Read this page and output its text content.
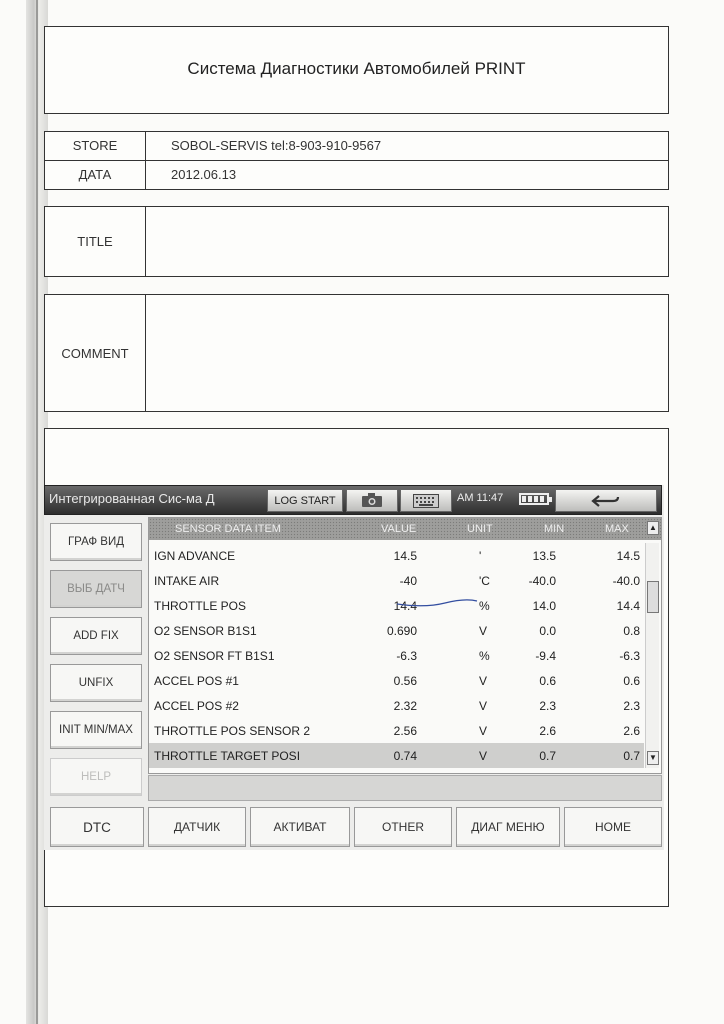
Система Диагностики Автомобилей PRINT
STORE	SOBOL-SERVIS tel:8-903-910-9567
ДАТА	2012.06.13
TITLE
COMMENT
Интегрированная Сис-ма Д	LOG START	AM 11:47
ГРАФ ВИД
ВЫБ ДАТЧ
ADD FIX
UNFIX
INIT MIN/MAX
HELP
SENSOR DATA ITEM	VALUE	UNIT	MIN	MAX
IGN ADVANCE	14.5	'	13.5	14.5
INTAKE AIR	-40	'C	-40.0	-40.0
THROTTLE POS	14.4	%	14.0	14.4
O2 SENSOR B1S1	0.690	V	0.0	0.8
O2 SENSOR FT B1S1	-6.3	%	-9.4	-6.3
ACCEL POS #1	0.56	V	0.6	0.6
ACCEL POS #2	2.32	V	2.3	2.3
THROTTLE POS SENSOR 2	2.56	V	2.6	2.6
THROTTLE TARGET POSI	0.74	V	0.7	0.7
▲
▼
DTC	ДАТЧИК	АКТИВАТ	OTHER	ДИАГ МЕНЮ	HOME
